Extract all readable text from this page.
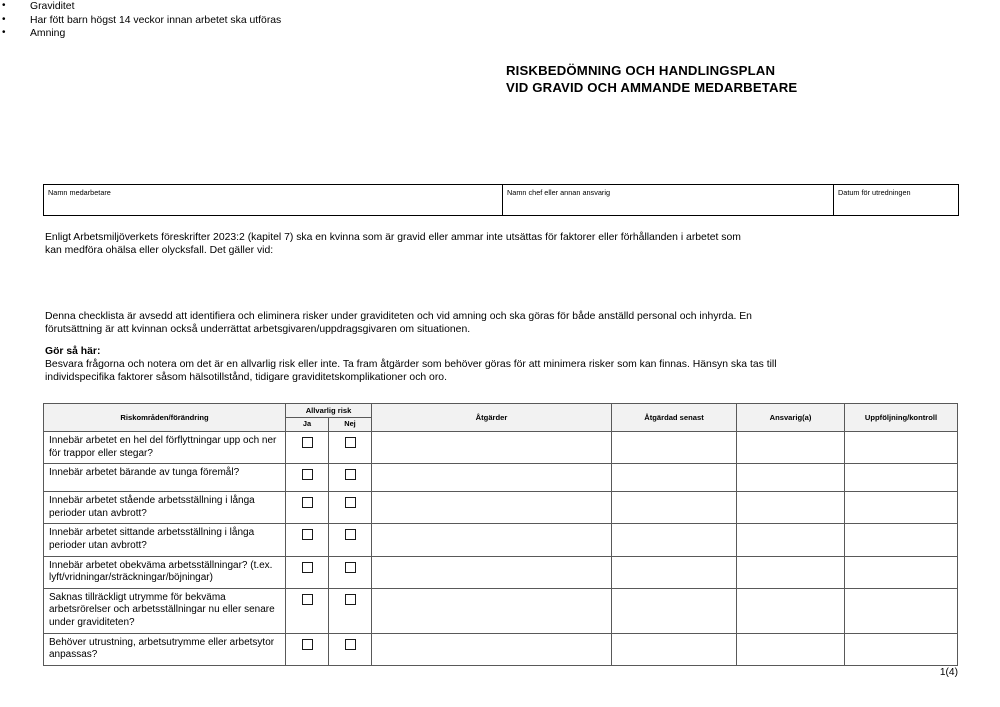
RISKBEDÖMNING OCH HANDLINGSPLAN
VID GRAVID OCH AMMANDE MEDARBETARE
Namn medarbetare	Namn chef eller annan ansvarig	Datum för utredningen
Enligt Arbetsmiljöverkets föreskrifter 2023:2 (kapitel 7) ska en kvinna som är gravid eller ammar inte utsättas för faktorer eller förhållanden i arbetet som kan medföra ohälsa eller olycksfall. Det gäller vid:
• Graviditet
• Har fött barn högst 14 veckor innan arbetet ska utföras
• Amning
Denna checklista är avsedd att identifiera och eliminera risker under graviditeten och vid amning och ska göras för både anställd personal och inhyrda. En förutsättning är att kvinnan också underrättat arbetsgivaren/uppdragsgivaren om situationen.
Gör så här:
Besvara frågorna och notera om det är en allvarlig risk eller inte. Ta fram åtgärder som behöver göras för att minimera risker som kan finnas. Hänsyn ska tas till individspecifika faktorer såsom hälsotillstånd, tidigare graviditetskomplikationer och oro.
Riskområden/förändring	Allvarlig risk		Åtgärder	Åtgärdad senast	Ansvarig(a)	Uppföljning/kontroll
	Ja	Nej				
Innebär arbetet en hel del förflyttningar upp och ner för trappor eller stegar?						
Innebär arbetet bärande av tunga föremål?						
Innebär arbetet stående arbetsställning i långa perioder utan avbrott?						
Innebär arbetet sittande arbetsställning i långa perioder utan avbrott?						
Innebär arbetet obekväma arbetsställningar? (t.ex. lyft/vridningar/sträckningar/böjningar)						
Saknas tillräckligt utrymme för bekväma arbetsrörelser och arbetsställningar nu eller senare under graviditeten?						
Behöver utrustning, arbetsutrymme eller arbetsytor anpassas?						
1(4)
